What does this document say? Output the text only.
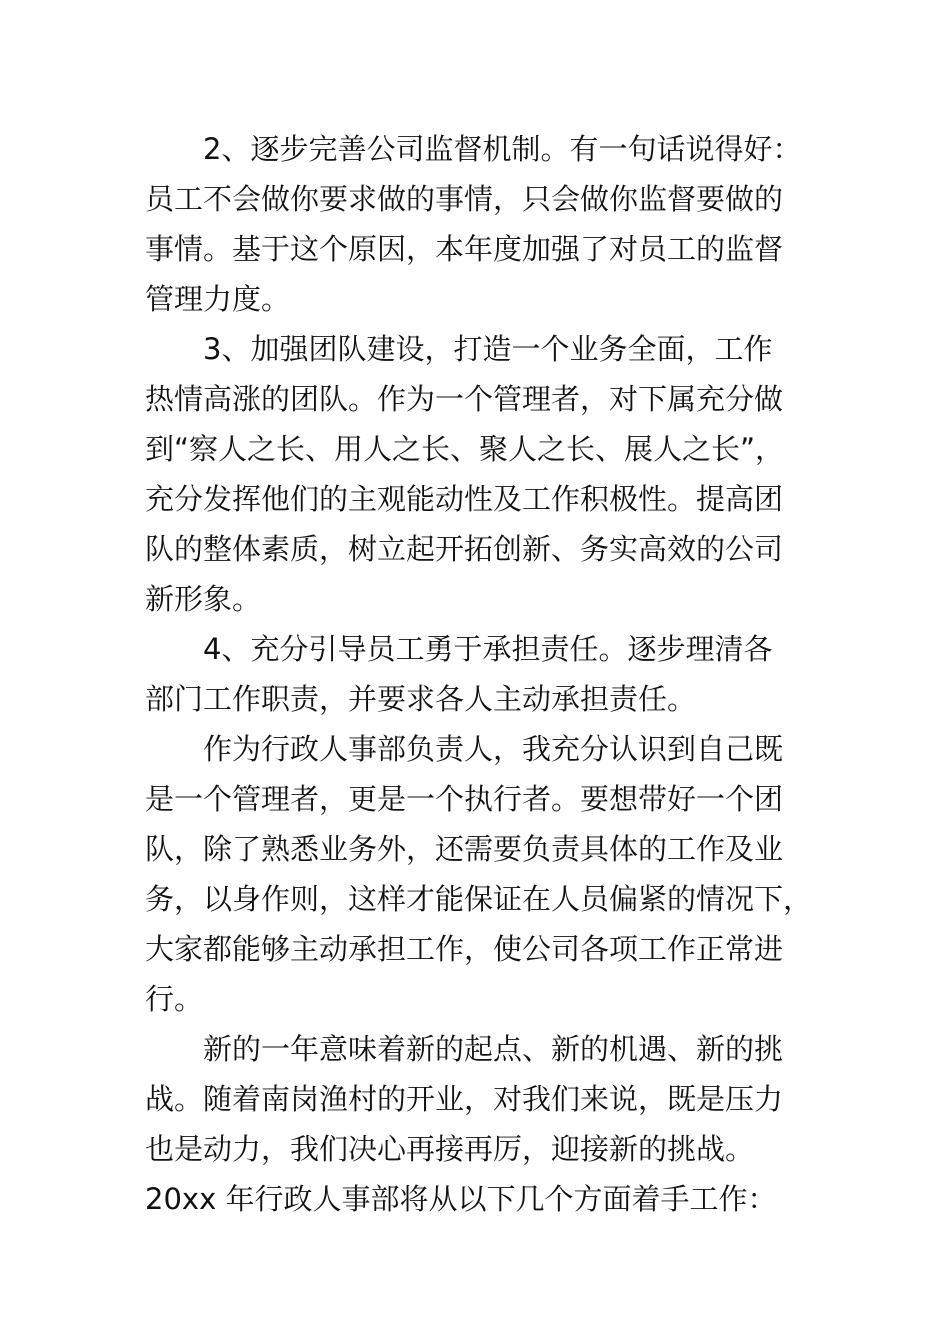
2、逐步完善公司监督机制。有一句话说得好：
员工不会做你要求做的事情，只会做你监督要做的
事情。基于这个原因，本年度加强了对员工的监督
管理力度。
3、加强团队建设，打造一个业务全面，工作
热情高涨的团队。作为一个管理者，对下属充分做
到“察人之长、用人之长、聚人之长、展人之长”，
充分发挥他们的主观能动性及工作积极性。提高团
队的整体素质，树立起开拓创新、务实高效的公司
新形象。
4、充分引导员工勇于承担责任。逐步理清各
部门工作职责，并要求各人主动承担责任。
作为行政人事部负责人，我充分认识到自己既
是一个管理者，更是一个执行者。要想带好一个团
队，除了熟悉业务外，还需要负责具体的工作及业
务，以身作则，这样才能保证在人员偏紧的情况下，
大家都能够主动承担工作，使公司各项工作正常进
行。
新的一年意味着新的起点、新的机遇、新的挑
战。随着南岗渔村的开业，对我们来说，既是压力
也是动力，我们决心再接再厉，迎接新的挑战。
20xx 年行政人事部将从以下几个方面着手工作：
